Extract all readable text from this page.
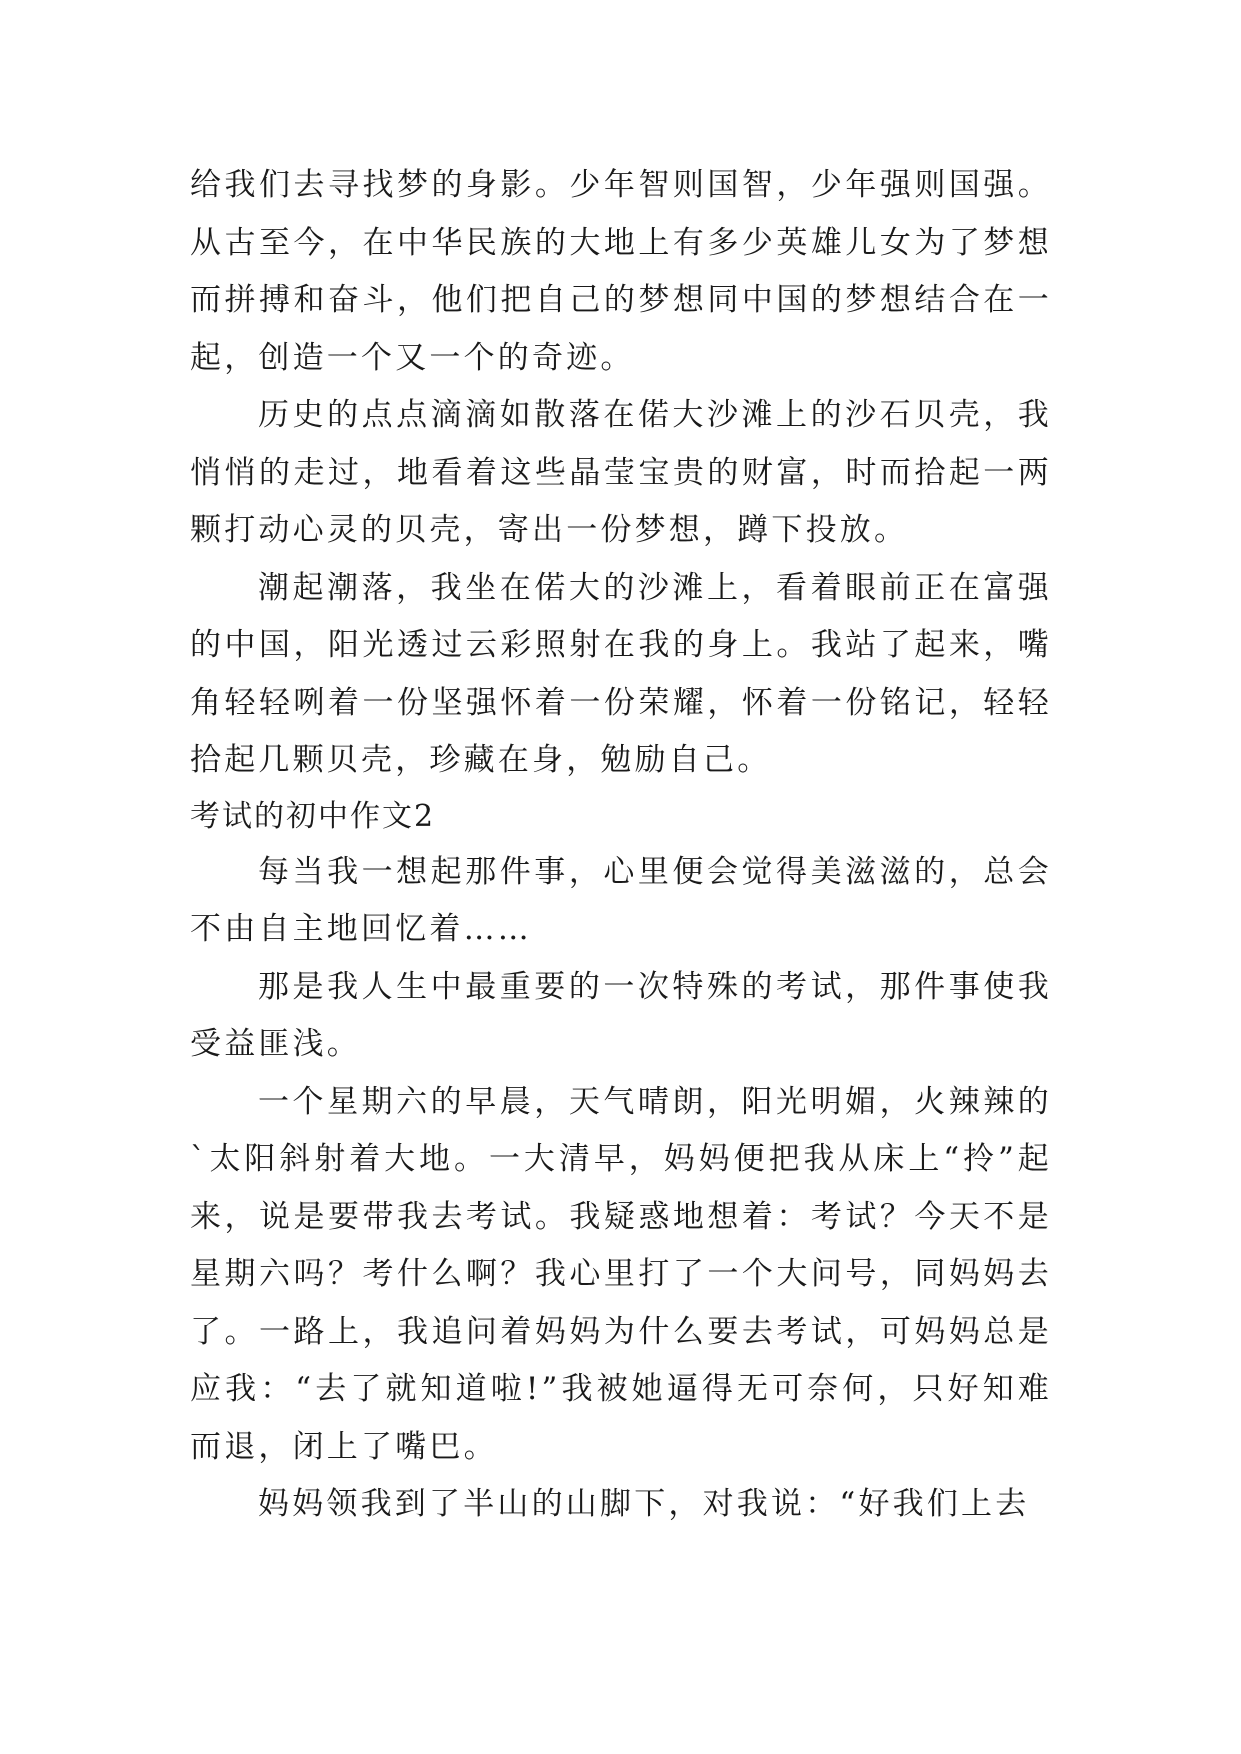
给我们去寻找梦的身影。少年智则国智，少年强则国强。从古至今，在中华民族的大地上有多少英雄儿女为了梦想而拼搏和奋斗，他们把自己的梦想同中国的梦想结合在一起，创造一个又一个的奇迹。

历史的点点滴滴如散落在偌大沙滩上的沙石贝壳，我悄悄的走过，地看着这些晶莹宝贵的财富，时而拾起一两颗打动心灵的贝壳，寄出一份梦想，蹲下投放。

潮起潮落，我坐在偌大的沙滩上，看着眼前正在富强的中国，阳光透过云彩照射在我的身上。我站了起来，嘴角轻轻咧着一份坚强怀着一份荣耀，怀着一份铭记，轻轻拾起几颗贝壳，珍藏在身，勉励自己。

考试的初中作文2

每当我一想起那件事，心里便会觉得美滋滋的，总会不由自主地回忆着……

那是我人生中最重要的一次特殊的考试，那件事使我受益匪浅。

一个星期六的早晨，天气晴朗，阳光明媚，火辣辣的`太阳斜射着大地。一大清早，妈妈便把我从床上“拎”起来，说是要带我去考试。我疑惑地想着：考试？今天不是星期六吗？考什么啊？我心里打了一个大问号，同妈妈去了。一路上，我追问着妈妈为什么要去考试，可妈妈总是应我：“去了就知道啦!”我被她逼得无可奈何，只好知难而退，闭上了嘴巴。

妈妈领我到了半山的山脚下，对我说：“好我们上去
